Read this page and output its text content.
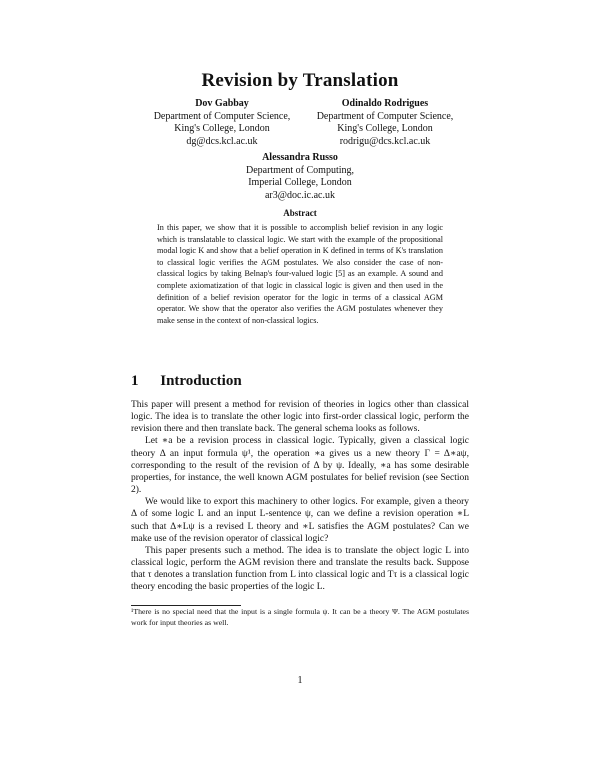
Revision by Translation
Dov Gabbay
Department of Computer Science,
King's College, London
dg@dcs.kcl.ac.uk
Odinaldo Rodrigues
Department of Computer Science,
King's College, London
rodrigu@dcs.kcl.ac.uk
Alessandra Russo
Department of Computing,
Imperial College, London
ar3@doc.ic.ac.uk
Abstract
In this paper, we show that it is possible to accomplish belief revision in any logic which is translatable to classical logic. We start with the example of the propositional modal logic K and show that a belief operation in K defined in terms of K's translation to classical logic verifies the AGM postulates. We also consider the case of non-classical logics by taking Belnap's four-valued logic [5] as an example. A sound and complete axiomatization of that logic in classical logic is given and then used in the definition of a belief revision operator for the logic in terms of a classical AGM operator. We show that the operator also verifies the AGM postulates whenever they make sense in the context of non-classical logics.
1 Introduction

This paper will present a method for revision of theories in logics other than classical logic. The idea is to translate the other logic into first-order classical logic, perform the revision there and then translate back. The general schema looks as follows.

Let ∗a be a revision process in classical logic. Typically, given a classical logic theory Δ an input formula ψ¹, the operation ∗a gives us a new theory Γ = Δ∗aψ, corresponding to the result of the revision of Δ by ψ. Ideally, ∗a has some desirable properties, for instance, the well known AGM postulates for belief revision (see Section 2).

We would like to export this machinery to other logics. For example, given a theory Δ of some logic L and an input L-sentence ψ, can we define a revision operation ∗L such that Δ∗Lψ is a revised L theory and ∗L satisfies the AGM postulates? Can we make use of the revision operator of classical logic?

This paper presents such a method. The idea is to translate the object logic L into classical logic, perform the AGM revision there and translate the results back. Suppose that τ denotes a translation function from L into classical logic and Tτ is a classical logic theory encoding the basic properties of the logic L.

¹There is no special need that the input is a single formula ψ. It can be a theory Ψ. The AGM postulates work for input theories as well.
1
